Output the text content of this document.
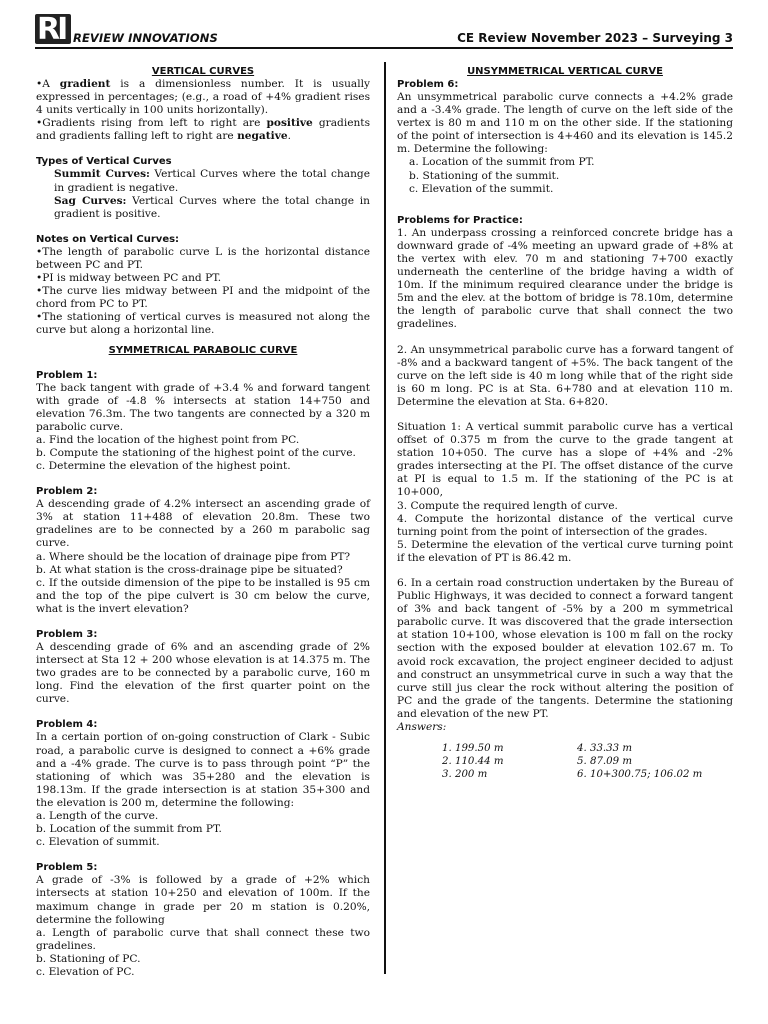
RI REVIEW INNOVATIONS	CE Review November 2023 – Surveying 3

VERTICAL CURVES

•A gradient is a dimensionless number. It is usually expressed in percentages; (e.g., a road of +4% gradient rises 4 units vertically in 100 units horizontally).

•Gradients rising from left to right are positive gradients and gradients falling left to right are negative.

Types of Vertical Curves

Summit Curves: Vertical Curves where the total change in gradient is negative.

Sag Curves: Vertical Curves where the total change in gradient is positive.

Notes on Vertical Curves:

•The length of parabolic curve L is the horizontal distance between PC and PT.

•PI is midway between PC and PT.

•The curve lies midway between PI and the midpoint of the chord from PC to PT.

•The stationing of vertical curves is measured not along the curve but along a horizontal line.

SYMMETRICAL PARABOLIC CURVE

Problem 1:

The back tangent with grade of +3.4 % and forward tangent with grade of -4.8 % intersects at station 14+750 and elevation 76.3m. The two tangents are connected by a 320 m parabolic curve.

a. Find the location of the highest point from PC.

b. Compute the stationing of the highest point of the curve.

c. Determine the elevation of the highest point.

Problem 2:

A descending grade of 4.2% intersect an ascending grade of 3% at station 11+488 of elevation 20.8m. These two gradelines are to be connected by a 260 m parabolic sag curve.

a. Where should be the location of drainage pipe from PT?

b. At what station is the cross-drainage pipe be situated?

c. If the outside dimension of the pipe to be installed is 95 cm and the top of the pipe culvert is 30 cm below the curve, what is the invert elevation?

Problem 3:

A descending grade of 6% and an ascending grade of 2% intersect at Sta 12 + 200 whose elevation is at 14.375 m. The two grades are to be connected by a parabolic curve, 160 m long. Find the elevation of the first quarter point on the curve.

Problem 4:

In a certain portion of on-going construction of Clark - Subic road, a parabolic curve is designed to connect a +6% grade and a -4% grade. The curve is to pass through point “P” the stationing of which was 35+280 and the elevation is 198.13m. If the grade intersection is at station 35+300 and the elevation is 200 m, determine the following:

a. Length of the curve.

b. Location of the summit from PT.

c. Elevation of summit.

Problem 5:

A grade of -3% is followed by a grade of +2% which intersects at station 10+250 and elevation of 100m. If the maximum change in grade per 20 m station is 0.20%, determine the following

a. Length of parabolic curve that shall connect these two gradelines.

b. Stationing of PC.

c. Elevation of PC.

UNSYMMETRICAL VERTICAL CURVE

Problem 6:

An unsymmetrical parabolic curve connects a +4.2% grade and a -3.4% grade. The length of curve on the left side of the vertex is 80 m and 110 m on the other side. If the stationing of the point of intersection is 4+460 and its elevation is 145.2 m. Determine the following:

a. Location of the summit from PT.

b. Stationing of the summit.

c. Elevation of the summit.

Problems for Practice:

1. An underpass crossing a reinforced concrete bridge has a downward grade of -4% meeting an upward grade of +8% at the vertex with elev. 70 m and stationing 7+700 exactly underneath the centerline of the bridge having a width of 10m. If the minimum required clearance under the bridge is 5m and the elev. at the bottom of bridge is 78.10m, determine the length of parabolic curve that shall connect the two gradelines.

2. An unsymmetrical parabolic curve has a forward tangent of -8% and a backward tangent of +5%. The back tangent of the curve on the left side is 40 m long while that of the right side is 60 m long. PC is at Sta. 6+780 and at elevation 110 m. Determine the elevation at Sta. 6+820.

Situation 1: A vertical summit parabolic curve has a vertical offset of 0.375 m from the curve to the grade tangent at station 10+050. The curve has a slope of +4% and -2% grades intersecting at the PI. The offset distance of the curve at PI is equal to 1.5 m. If the stationing of the PC is at 10+000,

3. Compute the required length of curve.

4. Compute the horizontal distance of the vertical curve turning point from the point of intersection of the grades.

5. Determine the elevation of the vertical curve turning point if the elevation of PT is 86.42 m.

6. In a certain road construction undertaken by the Bureau of Public Highways, it was decided to connect a forward tangent of 3% and back tangent of -5% by a 200 m symmetrical parabolic curve. It was discovered that the grade intersection at station 10+100, whose elevation is 100 m fall on the rocky section with the exposed boulder at elevation 102.67 m. To avoid rock excavation, the project engineer decided to adjust and construct an unsymmetrical curve in such a way that the curve still jus clear the rock without altering the position of PC and the grade of the tangents. Determine the stationing and elevation of the new PT.

Answers:

1. 199.50 m
2. 110.44 m
3. 200 m
4. 33.33 m
5. 87.09 m
6. 10+300.75; 106.02 m
